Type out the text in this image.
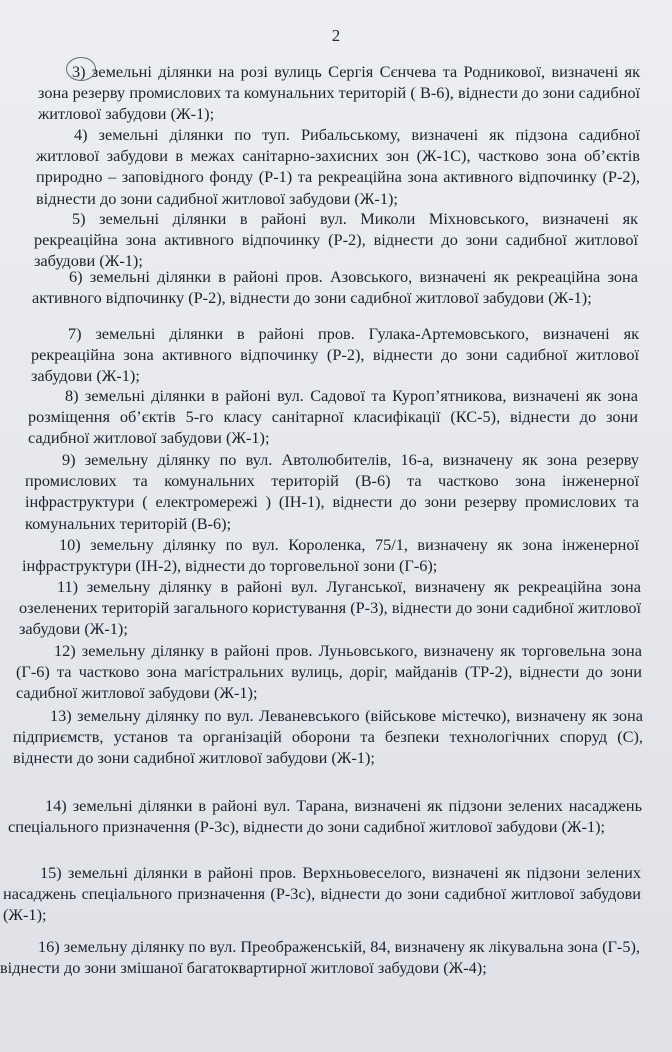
2

3) земельні ділянки на розі вулиць Сергія Сєнчева та Родникової, визначені як зона резерву промислових та комунальних територій ( В-6), віднести до зони садибної житлової забудови (Ж-1);

4) земельні ділянки по туп. Рибальському, визначені як підзона садибної житлової забудови в межах санітарно-захисних зон (Ж-1С), частково зона об’єктів природно – заповідного фонду (Р-1) та рекреаційна зона активного відпочинку (Р-2), віднести до зони садибної житлової забудови (Ж-1);

5) земельні ділянки в районі вул. Миколи Міхновського, визначені як рекреаційна зона активного відпочинку (Р-2), віднести до зони садибної житлової забудови (Ж-1);

6) земельні ділянки в районі пров. Азовського, визначені як рекреаційна зона активного відпочинку (Р-2), віднести до зони садибної житлової забудови (Ж-1);

7) земельні ділянки в районі пров. Гулака-Артемовського, визначені як рекреаційна зона активного відпочинку (Р-2), віднести до зони садибної житлової забудови (Ж-1);

8) земельні ділянки в районі вул. Садової та Куроп’ятникова, визначені як зона розміщення об’єктів 5-го класу санітарної класифікації (КС-5), віднести до зони садибної житлової забудови (Ж-1);

9) земельну ділянку по вул. Автолюбителів, 16-а, визначену як зона резерву промислових та комунальних територій (В-6) та частково зона інженерної інфраструктури ( електромережі ) (ІН-1), віднести до зони резерву промислових та комунальних територій (В-6);

10) земельну ділянку по вул. Короленка, 75/1, визначену як зона інженерної інфраструктури (ІН-2), віднести до торговельної зони (Г-6);

11) земельну ділянку в районі вул. Луганської, визначену як рекреаційна зона озеленених територій загального користування (Р-3), віднести до зони садибної житлової забудови (Ж-1);

12) земельну ділянку в районі пров. Луньовського, визначену як торговельна зона (Г-6) та частково зона магістральних вулиць, доріг, майданів (ТР-2), віднести до зони садибної житлової забудови (Ж-1);

13) земельну ділянку по вул. Леваневського (військове містечко), визначену як зона підприємств, установ та організацій оборони та безпеки технологічних споруд (С), віднести до зони садибної житлової забудови (Ж-1);

14) земельні ділянки в районі вул. Тарана, визначені як підзони зелених насаджень спеціального призначення (Р-3с), віднести до зони садибної житлової забудови (Ж-1);

15) земельні ділянки в районі пров. Верхньовеселого, визначені як підзони зелених насаджень спеціального призначення (Р-3с), віднести до зони садибної житлової забудови (Ж-1);

16) земельну ділянку по вул. Преображенській, 84, визначену як лікувальна зона (Г-5), віднести до зони змішаної багатоквартирної житлової забудови (Ж-4);
